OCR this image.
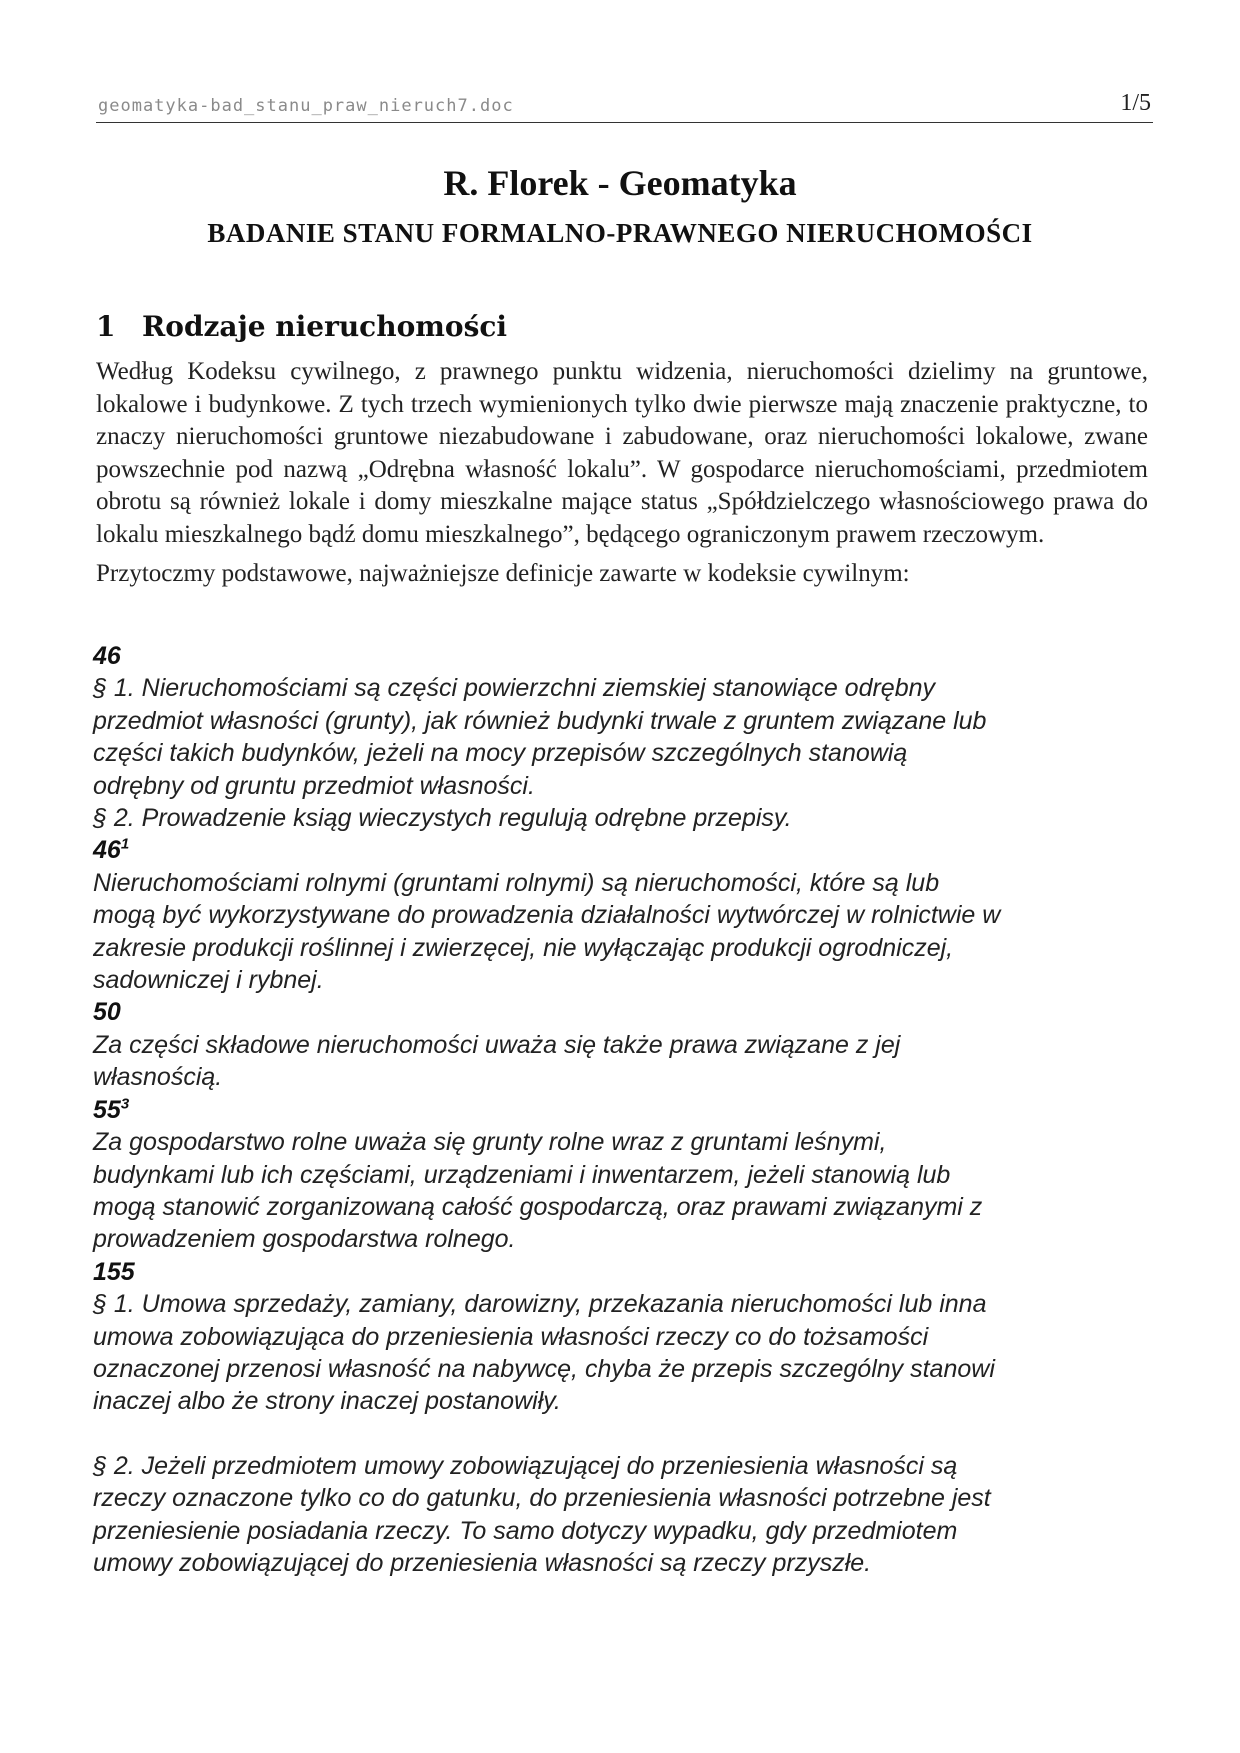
geomatyka-bad_stanu_praw_nieruch7.doc	1/5
R. Florek - Geomatyka
BADANIE STANU FORMALNO-PRAWNEGO NIERUCHOMOŚCI
1 Rodzaje nieruchomości

Według Kodeksu cywilnego, z prawnego punktu widzenia, nieruchomości dzielimy na gruntowe, lokalowe i budynkowe. Z tych trzech wymienionych tylko dwie pierwsze mają znaczenie praktyczne, to znaczy nieruchomości gruntowe niezabudowane i zabudowane, oraz nieruchomości lokalowe, zwane powszechnie pod nazwą „Odrębna własność lokalu”. W gospodarce nieruchomościami, przedmiotem obrotu są również lokale i domy mieszkalne mające status „Spółdzielczego własnościowego prawa do lokalu mieszkalnego bądź domu mieszkalnego”, będącego ograniczonym prawem rzeczowym.

Przytoczmy podstawowe, najważniejsze definicje zawarte w kodeksie cywilnym:

46

§ 1. Nieruchomościami są części powierzchni ziemskiej stanowiące odrębny

przedmiot własności (grunty), jak również budynki trwale z gruntem związane lub

części takich budynków, jeżeli na mocy przepisów szczególnych stanowią

odrębny od gruntu przedmiot własności.

§ 2. Prowadzenie ksiąg wieczystych regulują odrębne przepisy.

$46^1$

Nieruchomościami rolnymi (gruntami rolnymi) są nieruchomości, które są lub

mogą być wykorzystywane do prowadzenia działalności wytwórczej w rolnictwie w

zakresie produkcji roślinnej i zwierzęcej, nie wyłączając produkcji ogrodniczej,

sadowniczej i rybnej.

50

Za części składowe nieruchomości uważa się także prawa związane z jej

własnością.

$55^3$

Za gospodarstwo rolne uważa się grunty rolne wraz z gruntami leśnymi,

budynkami lub ich częściami, urządzeniami i inwentarzem, jeżeli stanowią lub

mogą stanowić zorganizowaną całość gospodarczą, oraz prawami związanymi z

prowadzeniem gospodarstwa rolnego.

155

§ 1. Umowa sprzedaży, zamiany, darowizny, przekazania nieruchomości lub inna

umowa zobowiązująca do przeniesienia własności rzeczy co do tożsamości

oznaczonej przenosi własność na nabywcę, chyba że przepis szczególny stanowi

inaczej albo że strony inaczej postanowiły.

§ 2. Jeżeli przedmiotem umowy zobowiązującej do przeniesienia własności są

rzeczy oznaczone tylko co do gatunku, do przeniesienia własności potrzebne jest

przeniesienie posiadania rzeczy. To samo dotyczy wypadku, gdy przedmiotem

umowy zobowiązującej do przeniesienia własności są rzeczy przyszłe.
